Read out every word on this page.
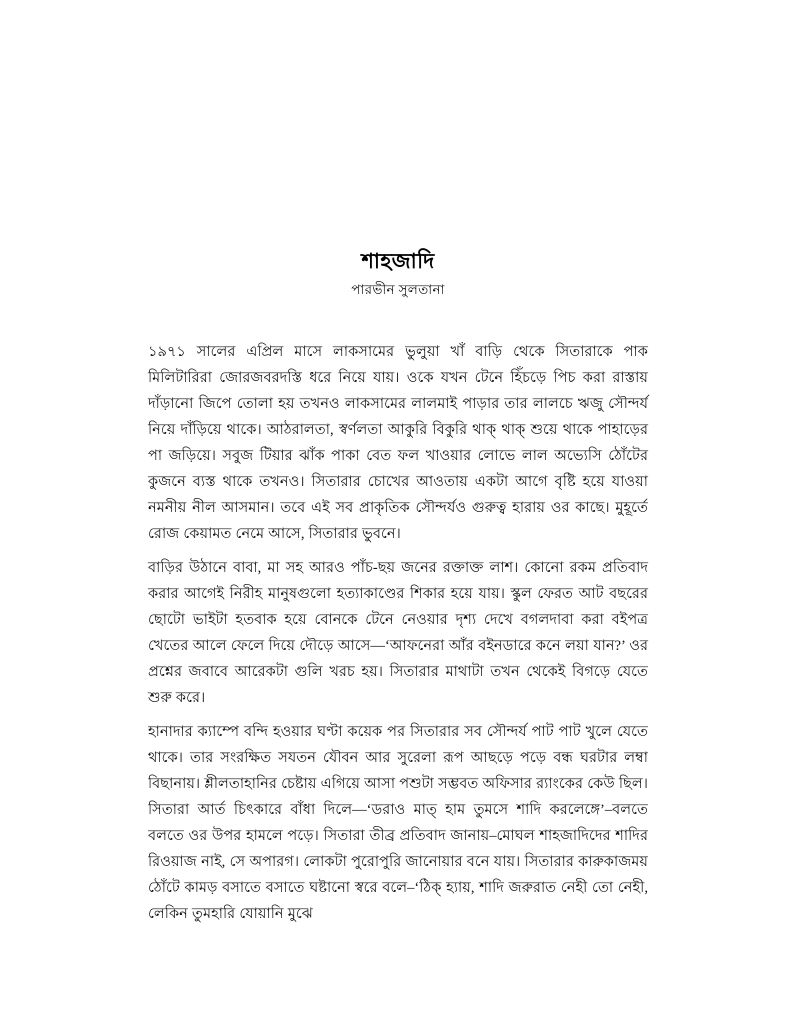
শাহজাদি
পারভীন সুলতানা

১৯৭১ সালের এপ্রিল মাসে লাকসামের ভুলুয়া খাঁ বাড়ি থেকে সিতারাকে পাক মিলিটারিরা জোরজবরদস্তি ধরে নিয়ে যায়। ওকে যখন টেনে হিঁচড়ে পিচ করা রাস্তায় দাঁড়ানো জিপে তোলা হয় তখনও লাকসামের লালমাই পাড়ার তার লালচে ঋজু সৌন্দর্য নিয়ে দাঁড়িয়ে থাকে। আঠরালতা, স্বর্ণলতা আকুরি বিকুরি থাক্‌ থাক্‌ শুয়ে থাকে পাহাড়ের পা জড়িয়ে। সবুজ টিয়ার ঝাঁক পাকা বেত ফল খাওয়ার লোভে লাল অভ্যেসি ঠোঁটের কুজনে ব্যস্ত থাকে তখনও। সিতারার চোখের আওতায় একটা আগে বৃষ্টি হয়ে যাওয়া নমনীয় নীল আসমান। তবে এই সব প্রাকৃতিক সৌন্দর্যও গুরুত্ব হারায় ওর কাছে। মুহূর্তে রোজ কেয়ামত নেমে আসে, সিতারার ভুবনে।

বাড়ির উঠানে বাবা, মা সহ আরও পাঁচ-ছয় জনের রক্তাক্ত লাশ। কোনো রকম প্রতিবাদ করার আগেই নিরীহ মানুষগুলো হত্যাকাণ্ডের শিকার হয়ে যায়। স্কুল ফেরত আট বছরের ছোটো ভাইটা হতবাক হয়ে বোনকে টেনে নেওয়ার দৃশ্য দেখে বগলদাবা করা বইপত্র খেতের আলে ফেলে দিয়ে দৌড়ে আসে—‘আফনেরা আঁর বইনডারে কনে লয়া যান?’ ওর প্রশ্নের জবাবে আরেকটা গুলি খরচ হয়। সিতারার মাথাটা তখন থেকেই বিগড়ে যেতে শুরু করে।

হানাদার ক্যাম্পে বন্দি হওয়ার ঘণ্টা কয়েক পর সিতারার সব সৌন্দর্য পাট পাট খুলে যেতে থাকে। তার সংরক্ষিত সযতন যৌবন আর সুরেলা রূপ আছড়ে পড়ে বন্ধ ঘরটার লম্বা বিছানায়। শ্লীলতাহানির চেষ্টায় এগিয়ে আসা পশুটা সম্ভবত অফিসার র‍্যাংকের কেউ ছিল। সিতারা আর্ত চিৎকারে বাঁধা দিলে—‘ডরাও মাত্‌ হাম তুমসে শাদি করলেঙ্গে’–বলতে বলতে ওর উপর হামলে পড়ে। সিতারা তীব্র প্রতিবাদ জানায়–মোঘল শাহজাদিদের শাদির রিওয়াজ নাই, সে অপারগ। লোকটা পুরোপুরি জানোয়ার বনে যায়। সিতারার কারুকাজময় ঠোঁটে কামড় বসাতে বসাতে ঘষ্টানো স্বরে বলে–‘ঠিক্‌ হ্যায়, শাদি জরুরাত নেহী তো নেহী, লেকিন তুমহারি যোয়ানি মুঝে
